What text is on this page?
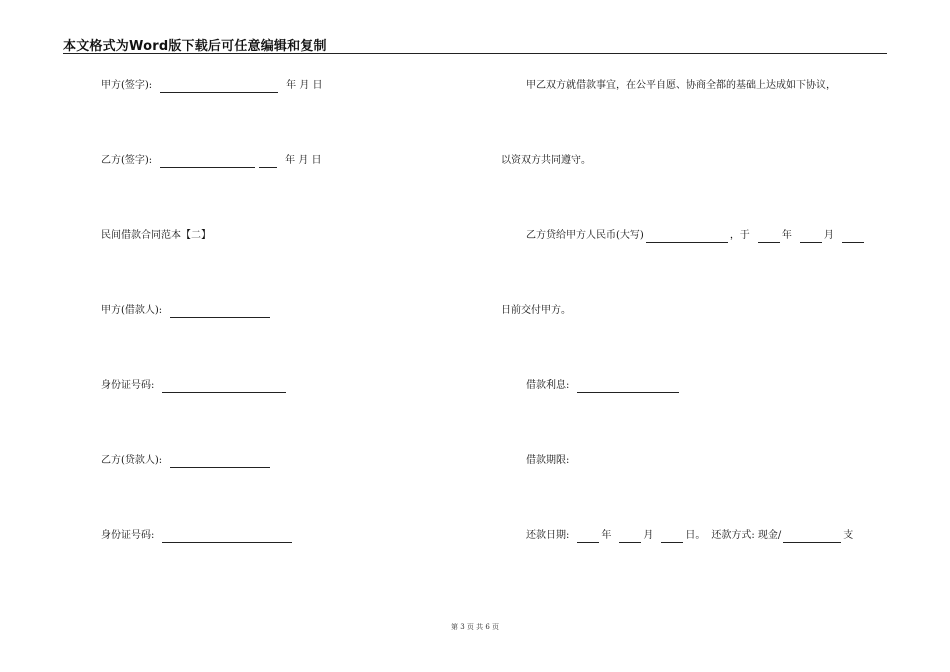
本文格式为Word版下载后可任意编辑和复制
甲方(签字):	年 月 日
乙方(签字):	年 月 日
民间借款合同范本【二】
甲方(借款人):
身份证号码:
乙方(贷款人):
身份证号码:
甲乙双方就借款事宜，在公平自愿、协商全都的基础上达成如下协议，
以资双方共同遵守。
乙方贷给甲方人民币(大写)	，于	年	月
日前交付甲方。
借款利息:
借款期限:
还款日期:	年	月	日。 还款方式: 现金/	支
第 3 页 共 6 页
